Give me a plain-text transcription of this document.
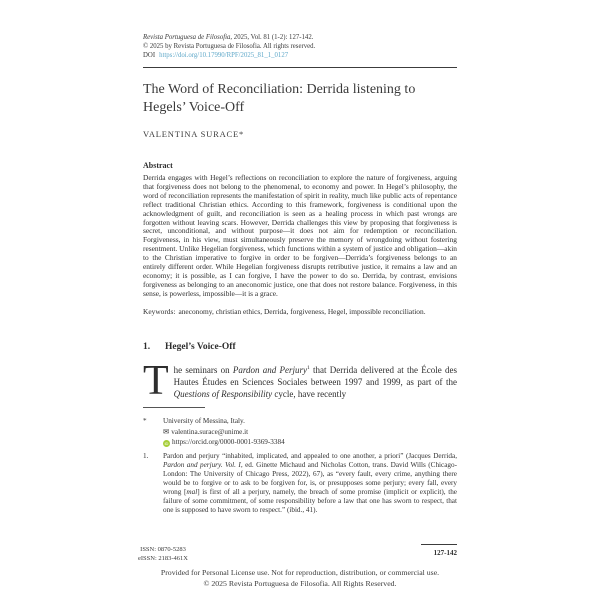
Revista Portuguesa de Filosofia, 2025, Vol. 81 (1-2): 127-142.
© 2025 by Revista Portuguesa de Filosofia. All rights reserved.
DOI https://doi.org/10.17990/RPF/2025_81_1_0127
The Word of Reconciliation: Derrida listening to Hegels’ Voice-Off
VALENTINA SURACE*
Abstract

Derrida engages with Hegel’s reflections on reconciliation to explore the nature of forgiveness, arguing that forgiveness does not belong to the phenomenal, to economy and power. In Hegel’s philosophy, the word of reconciliation represents the manifestation of spirit in reality, much like public acts of repentance reflect traditional Christian ethics. According to this framework, forgiveness is conditional upon the acknowledgment of guilt, and reconciliation is seen as a healing process in which past wrongs are forgotten without leaving scars. However, Derrida challenges this view by proposing that forgiveness is secret, unconditional, and without purpose—it does not aim for redemption or reconciliation. Forgiveness, in his view, must simultaneously preserve the memory of wrongdoing without fostering resentment. Unlike Hegelian forgiveness, which functions within a system of justice and obligation—akin to the Christian imperative to forgive in order to be forgiven—Derrida’s forgiveness belongs to an entirely different order. While Hegelian forgiveness disrupts retributive justice, it remains a law and an economy; it is possible, as I can forgive, I have the power to do so. Derrida, by contrast, envisions forgiveness as belonging to an aneconomic justice, one that does not restore balance. Forgiveness, in this sense, is powerless, impossible—it is a grace.

Keywords: aneconomy, christian ethics, Derrida, forgiveness, Hegel, impossible reconciliation.

1. Hegel’s Voice-Off

The seminars on Pardon and Perjury$^1$ that Derrida delivered at the École des Hautes Études en Sciences Sociales between 1997 and 1999, as part of the Questions of Responsibility cycle, have recently

* University of Messina, Italy.
✉ valentina.surace@unime.it
iD https://orcid.org/0000-0001-9369-3384
1. Pardon and perjury “inhabited, implicated, and appealed to one another, a priori” (Jacques Derrida, Pardon and perjury. Vol. I, ed. Ginette Michaud and Nicholas Cotton, trans. David Wills (Chicago-London: The University of Chicago Press, 2022), 67), as “every fault, every crime, anything there would be to forgive or to ask to be forgiven for, is, or presupposes some perjury; every fall, every wrong [mal] is first of all a perjury, namely, the breach of some promise (implicit or explicit), the failure of some commitment, of some responsibility before a law that one has sworn to respect, that one is supposed to have sworn to respect.” (ibid., 41).
ISSN: 0870-5283
eISSN: 2183-461X
127-142
Provided for Personal License use. Not for reproduction, distribution, or commercial use.
© 2025 Revista Portuguesa de Filosofia. All Rights Reserved.
